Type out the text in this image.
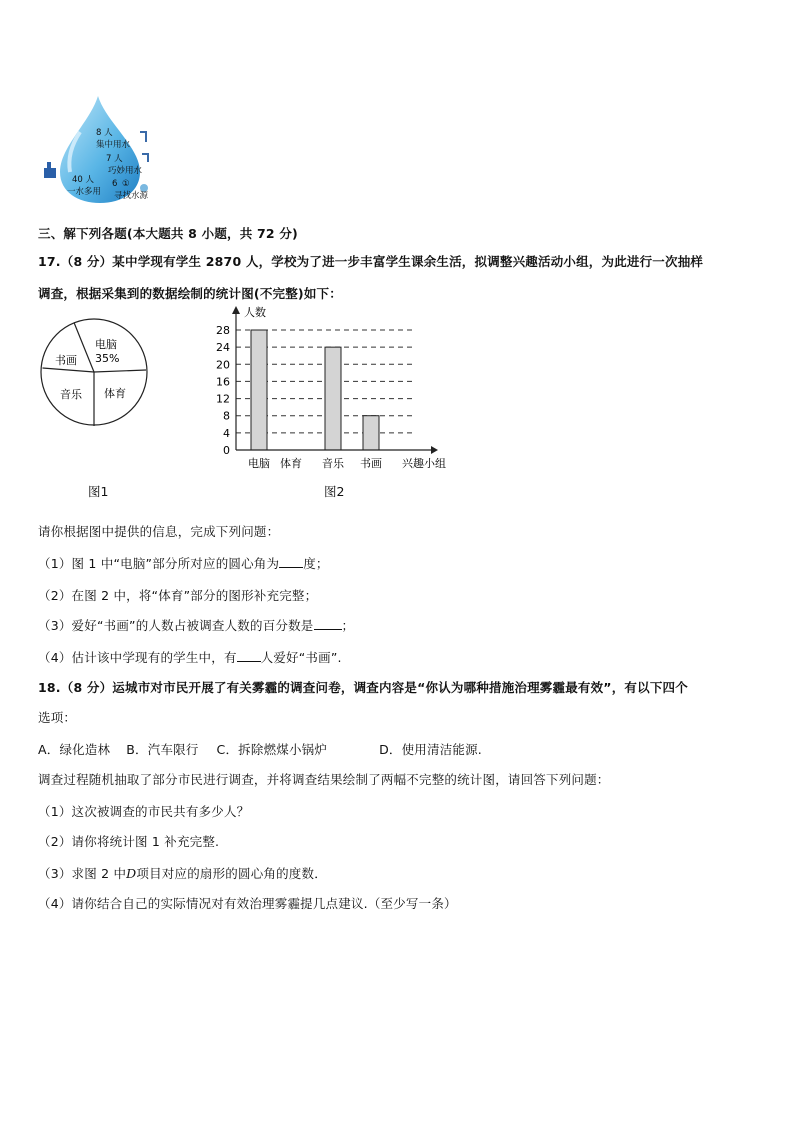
8 人
集中用水
7 人
巧妙用水
40 人
一水多用
6 ①
寻找水源
三、解下列各题(本大题共 8 小题，共 72 分)
17.（8 分）某中学现有学生 2870 人，学校为了进一步丰富学生课余生活，拟调整兴趣活动小组，为此进行一次抽样
调查，根据采集到的数据绘制的统计图(不完整)如下：
电脑
35%
书画
音乐 体育
图1
0
4
8
12
16
20
24
28
电脑 体育 音乐 书画
人数
兴趣小组
图2
请你根据图中提供的信息，完成下列问题：
（1）图 1 中“电脑”部分所对应的圆心角为 度；
（2）在图 2 中，将“体育”部分的图形补充完整；
（3）爱好“书画”的人数占被调查人数的百分数是 ；
（4）估计该中学现有的学生中，有 人爱好“书画”.
18.（8 分）运城市对市民开展了有关雾霾的调查问卷，调查内容是“你认为哪种措施治理雾霾最有效”，有以下四个
选项：
A．绿化造林 B．汽车限行 C．拆除燃煤小锅炉	D．使用清洁能源.
调查过程随机抽取了部分市民进行调查，并将调查结果绘制了两幅不完整的统计图，请回答下列问题：
（1）这次被调查的市民共有多少人？
（2）请你将统计图 1 补充完整.
（3）求图 2 中D项目对应的扇形的圆心角的度数．
（4）请你结合自己的实际情况对有效治理雾霾提几点建议.（至少写一条）
